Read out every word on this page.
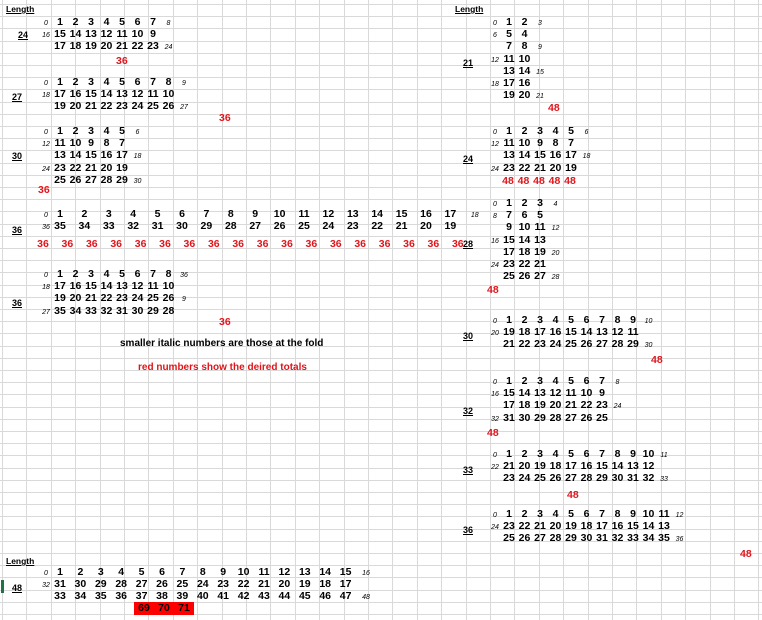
Length	Length
Length
smaller italic numbers are those at the fold
red numbers show the deired totals
24
1 2 3 4 5 6 7
15 14 13 12 11 10 9
17 18 19 20 21 22 23
0
16
8
24
36
27
1 2 3 4 5 6 7 8
17 16 15 14 13 12 11 10
19 20 21 22 23 24 25 26
0
18
9
27
36
30
1 2 3 4 5
11 10 9 8 7
13 14 15 16 17
23 22 21 20 19
25 26 27 28 29
0
12
6
18
24
30
36
36
1 2 3 4 5 6 7 8 9 10 11 12 13 14 15 16 17
35 34 33 32 31 30 29 28 27 26 25 24 23 22 21 20 19
0
36
18
36 36 36 36 36 36 36 36 36 36 36 36 36 36 36 36 36 36
36
1 2 3 4 5 6 7 8
17 16 15 14 13 12 11 10
19 20 21 22 23 24 25 26
35 34 33 32 31 30 29 28
0
18
36
9
27
36
21
1 2
5 4
7 8
11 10
13 14
17 16
19 20
0
6
3
12
9
15
18
21
48
24
1 2 3 4 5
11 10 9 8 7
13 14 15 16 17
23 22 21 20 19
0
12
6
18
24
48 48 48 48 48
28
1 2 3
7 6 5
9 10 11
15 14 13
17 18 19
23 22 21
25 26 27
0
8
4
16
12
24
20
28
48
30
1 2 3 4 5 6 7 8 9
19 18 17 16 15 14 13 12 11
21 22 23 24 25 26 27 28 29
0
20
10
30
48
32
1 2 3 4 5 6 7
15 14 13 12 11 10 9
17 18 19 20 21 22 23
31 30 29 28 27 26 25
0
16
8
32
24
48
33
1 2 3 4 5 6 7 8 9 10
21 20 19 18 17 16 15 14 13 12
23 24 25 26 27 28 29 30 31 32
0
22
11
33
48
36
1 2 3 4 5 6 7 8 9 10 11
23 22 21 20 19 18 17 16 15 14 13
25 26 27 28 29 30 31 32 33 34 35
0
24
12
36
48
48
1 2 3 4 5 6 7 8 9 10 11 12 13 14 15
31 30 29 28 27 26 25 24 23 22 21 20 19 18 17
33 34 35 36 37 38 39 40 41 42 43 44 45 46 47
0
32
16
48
69 70 71
